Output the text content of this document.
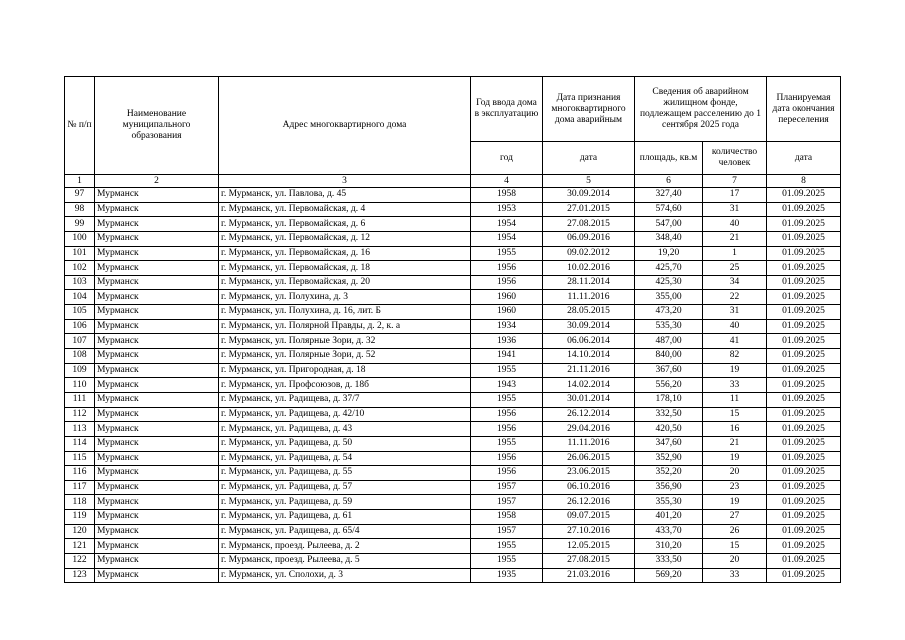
№ п/п	Наименование муниципального образования	Адрес многоквартирного дома	Год ввода дома в эксплуатацию	Дата признания многоквартирного дома аварийным	Сведения об аварийном жилищном фонде, подлежащем расселению до 1 сентября 2025 года		Планируемая дата окончания переселения
			год	дата	площадь, кв.м	количество человек	дата
1	2	3	4	5	6	7	8
97	Мурманск	г. Мурманск, ул. Павлова, д. 45	1958	30.09.2014	327,40	17	01.09.2025
98	Мурманск	г. Мурманск, ул. Первомайская, д. 4	1953	27.01.2015	574,60	31	01.09.2025
99	Мурманск	г. Мурманск, ул. Первомайская, д. 6	1954	27.08.2015	547,00	40	01.09.2025
100	Мурманск	г. Мурманск, ул. Первомайская, д. 12	1954	06.09.2016	348,40	21	01.09.2025
101	Мурманск	г. Мурманск, ул. Первомайская, д. 16	1955	09.02.2012	19,20	1	01.09.2025
102	Мурманск	г. Мурманск, ул. Первомайская, д. 18	1956	10.02.2016	425,70	25	01.09.2025
103	Мурманск	г. Мурманск, ул. Первомайская, д. 20	1956	28.11.2014	425,30	34	01.09.2025
104	Мурманск	г. Мурманск, ул. Полухина, д. 3	1960	11.11.2016	355,00	22	01.09.2025
105	Мурманск	г. Мурманск, ул. Полухина, д. 16, лит. Б	1960	28.05.2015	473,20	31	01.09.2025
106	Мурманск	г. Мурманск, ул. Полярной Правды, д. 2, к. а	1934	30.09.2014	535,30	40	01.09.2025
107	Мурманск	г. Мурманск, ул. Полярные Зори, д. 32	1936	06.06.2014	487,00	41	01.09.2025
108	Мурманск	г. Мурманск, ул. Полярные Зори, д. 52	1941	14.10.2014	840,00	82	01.09.2025
109	Мурманск	г. Мурманск, ул. Пригородная, д. 18	1955	21.11.2016	367,60	19	01.09.2025
110	Мурманск	г. Мурманск, ул. Профсоюзов, д. 18б	1943	14.02.2014	556,20	33	01.09.2025
111	Мурманск	г. Мурманск, ул. Радищева, д. 37/7	1955	30.01.2014	178,10	11	01.09.2025
112	Мурманск	г. Мурманск, ул. Радищева, д. 42/10	1956	26.12.2014	332,50	15	01.09.2025
113	Мурманск	г. Мурманск, ул. Радищева, д. 43	1956	29.04.2016	420,50	16	01.09.2025
114	Мурманск	г. Мурманск, ул. Радищева, д. 50	1955	11.11.2016	347,60	21	01.09.2025
115	Мурманск	г. Мурманск, ул. Радищева, д. 54	1956	26.06.2015	352,90	19	01.09.2025
116	Мурманск	г. Мурманск, ул. Радищева, д. 55	1956	23.06.2015	352,20	20	01.09.2025
117	Мурманск	г. Мурманск, ул. Радищева, д. 57	1957	06.10.2016	356,90	23	01.09.2025
118	Мурманск	г. Мурманск, ул. Радищева, д. 59	1957	26.12.2016	355,30	19	01.09.2025
119	Мурманск	г. Мурманск, ул. Радищева, д. 61	1958	09.07.2015	401,20	27	01.09.2025
120	Мурманск	г. Мурманск, ул. Радищева, д. 65/4	1957	27.10.2016	433,70	26	01.09.2025
121	Мурманск	г. Мурманск, проезд. Рылеева, д. 2	1955	12.05.2015	310,20	15	01.09.2025
122	Мурманск	г. Мурманск, проезд. Рылеева, д. 5	1955	27.08.2015	333,50	20	01.09.2025
123	Мурманск	г. Мурманск, ул. Сполохи, д. 3	1935	21.03.2016	569,20	33	01.09.2025
